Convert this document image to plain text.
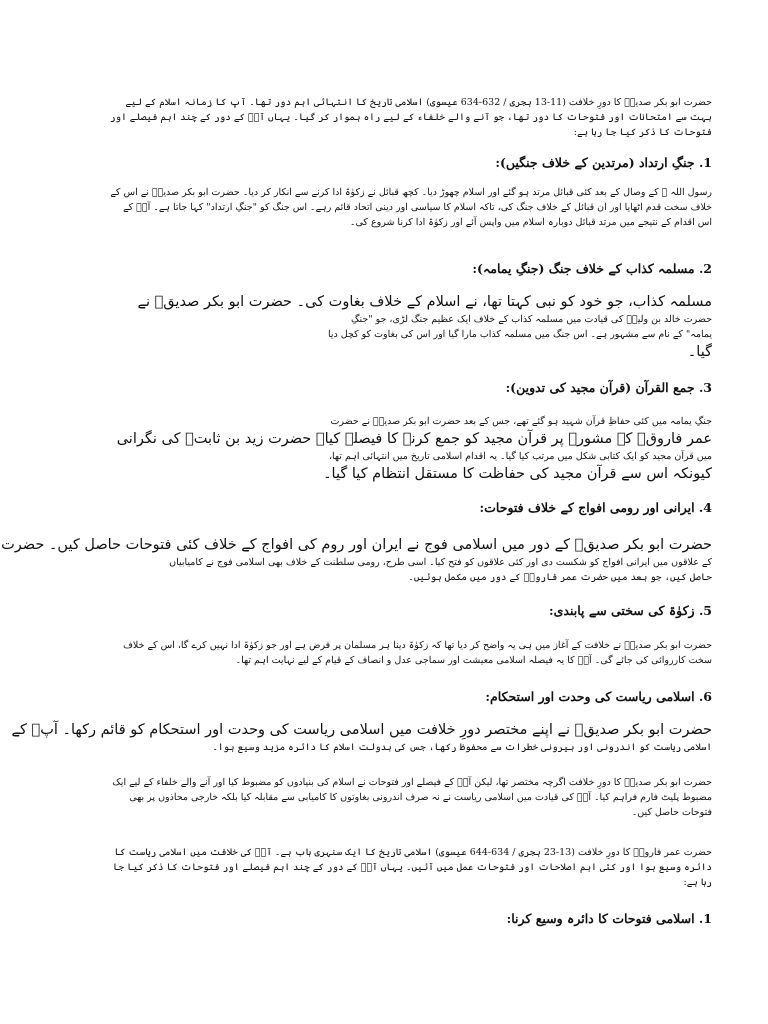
حضرت ابو بکر صدیقؓ کا دورِ خلافت (11-13 ہجری / 632-634 عیسوی) اسلامی تاریخ کا انتہائی اہم دور تھا۔ آپ کا زمانہ اسلام کے لیے بہت سے امتحانات اور فتوحات کا دور تھا، جو آنے والے خلفاء کے لیے راہ ہموار کر گیا۔ یہاں آپؓ کے دور کے چند اہم فیصلے اور فتوحات کا ذکر کیا جا رہا ہے:

1. جنگِ ارتداد (مرتدین کے خلاف جنگیں):

رسول اللہ ﷺ کے وصال کے بعد کئی قبائل مرتد ہو گئے اور اسلام چھوڑ دیا۔ کچھ قبائل نے زکوٰۃ ادا کرنے سے انکار کر دیا۔ حضرت ابو بکر صدیقؓ نے اس کے خلاف سخت قدم اٹھایا اور ان قبائل کے خلاف جنگ کی، تاکہ اسلام کا سیاسی اور دینی اتحاد قائم رہے۔ اس جنگ کو "جنگِ ارتداد" کہا جاتا ہے۔ آپؓ کے اس اقدام کے نتیجے میں مرتد قبائل دوبارہ اسلام میں واپس آئے اور زکوٰۃ ادا کرنا شروع کی۔

2. مسلمہ کذاب کے خلاف جنگ (جنگِ یمامہ):

مسلمہ کذاب، جو خود کو نبی کہتا تھا، نے اسلام کے خلاف بغاوت کی۔ حضرت ابو بکر صدیقؓ نے
حضرت خالد بن ولیدؓ کی قیادت میں مسلمہ کذاب کے خلاف ایک عظیم جنگ لڑی، جو "جنگِ
یمامہ" کے نام سے مشہور ہے۔ اس جنگ میں مسلمہ کذاب مارا گیا اور اس کی بغاوت کو کچل دیا
گیا۔

3. جمع القرآن (قرآن مجید کی تدوین):

جنگِ یمامہ میں کئی حفاظِ قرآن شہید ہو گئے تھے، جس کے بعد حضرت ابو بکر صدیقؓ نے حضرت
عمر فاروقؓ کے مشورے پر قرآن مجید کو جمع کرنے کا فیصلہ کیا۔ حضرت زید بن ثابتؓ کی نگرانی
میں قرآن مجید کو ایک کتابی شکل میں مرتب کیا گیا۔ یہ اقدام اسلامی تاریخ میں انتہائی اہم تھا،
کیونکہ اس سے قرآن مجید کی حفاظت کا مستقل انتظام کیا گیا۔

4. ایرانی اور رومی افواج کے خلاف فتوحات:

حضرت ابو بکر صدیقؓ کے دور میں اسلامی فوج نے ایران اور روم کی افواج کے خلاف کئی فتوحات حاصل کیں۔ حضرت
کے علاقوں میں ایرانی افواج کو شکست دی اور کئی علاقوں کو فتح کیا۔ اسی طرح، رومی سلطنت کے خلاف بھی اسلامی فوج نے کامیابیاں
حاصل کیں، جو بعد میں حضرت عمر فاروقؓ کے دور میں مکمل ہوئیں۔

5. زکوٰۃ کی سختی سے پابندی:

حضرت ابو بکر صدیقؓ نے خلافت کے آغاز میں ہی یہ واضح کر دیا تھا کہ زکوٰۃ دینا ہر مسلمان پر فرض ہے اور جو زکوٰۃ ادا نہیں کرے گا، اس کے خلاف سخت کارروائی کی جائے گی۔ آپؓ کا یہ فیصلہ اسلامی معیشت اور سماجی عدل و انصاف کے قیام کے لیے نہایت اہم تھا۔

6. اسلامی ریاست کی وحدت اور استحکام:

حضرت ابو بکر صدیقؓ نے اپنے مختصر دورِ خلافت میں اسلامی ریاست کی وحدت اور استحکام کو قائم رکھا۔ آپؓ کے
اسلامی ریاست کو اندرونی اور بیرونی خطرات سے محفوظ رکھا، جس کی بدولت اسلام کا دائرہ مزید وسیع ہوا۔

حضرت ابو بکر صدیقؓ کا دورِ خلافت اگرچہ مختصر تھا، لیکن آپؓ کے فیصلے اور فتوحات نے اسلام کی بنیادوں کو مضبوط کیا اور آنے والے خلفاء کے لیے ایک مضبوط پلیٹ فارم فراہم کیا۔ آپؓ کی قیادت میں اسلامی ریاست نے نہ صرف اندرونی بغاوتوں کا کامیابی سے مقابلہ کیا بلکہ خارجی محاذوں پر بھی فتوحات حاصل کیں۔

حضرت عمر فاروقؓ کا دورِ خلافت (13-23 ہجری / 634-644 عیسوی) اسلامی تاریخ کا ایک سنہری باب ہے۔ آپؓ کی خلافت میں اسلامی ریاست کا دائرہ وسیع ہوا اور کئی اہم اصلاحات اور فتوحات عمل میں آئیں۔ یہاں آپؓ کے دور کے چند اہم فیصلے اور فتوحات کا ذکر کیا جا رہا ہے:

1. اسلامی فتوحات کا دائرہ وسیع کرنا:
